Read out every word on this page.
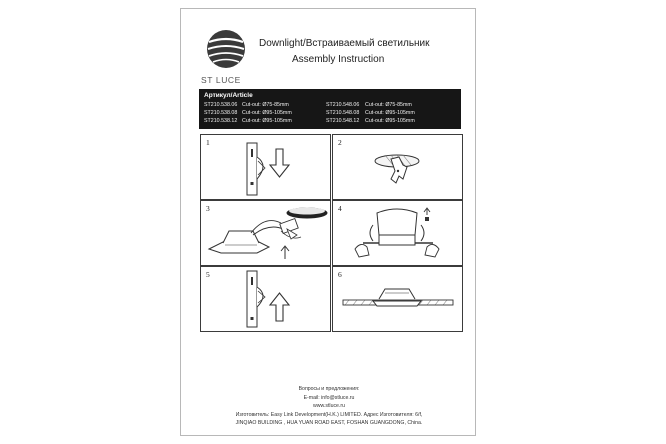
ST LUCE
Downlight/Встраиваемый светильник
Assembly Instruction
Артикул/Article
ST210.538.06 Cut-out: Ø75-85mm
ST210.538.08 Cut-out: Ø95-105mm
ST210.538.12 Cut-out: Ø95-105mm
ST210.548.06 Cut-out: Ø75-85mm
ST210.548.08 Cut-out: Ø95-105mm
ST210.548.12 Cut-out: Ø95-105mm
1	2
3	4
5	6
Вопросы и предложения:
E-mail: info@stluce.ru
www.stluce.ru
Изготовитель: Easy Link Development(H.K.) LIMITED. Адрес Изготовителя: 6/f,
JINQIAO BUILDING , HUA YUAN ROAD EAST, FOSHAN GUANGDONG, China.
